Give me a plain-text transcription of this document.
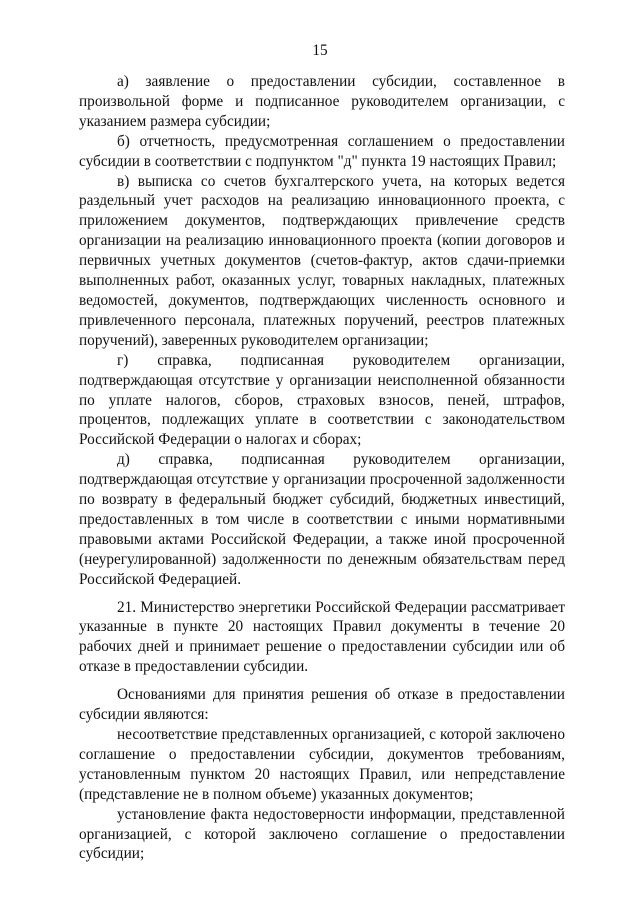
15

а) заявление о предоставлении субсидии, составленное в произвольной форме и подписанное руководителем организации, с указанием размера субсидии;

б) отчетность, предусмотренная соглашением о предоставлении субсидии в соответствии с подпунктом "д" пункта 19 настоящих Правил;

в) выписка со счетов бухгалтерского учета, на которых ведется раздельный учет расходов на реализацию инновационного проекта, с приложением документов, подтверждающих привлечение средств организации на реализацию инновационного проекта (копии договоров и первичных учетных документов (счетов-фактур, актов сдачи-приемки выполненных работ, оказанных услуг, товарных накладных, платежных ведомостей, документов, подтверждающих численность основного и привлеченного персонала, платежных поручений, реестров платежных поручений), заверенных руководителем организации;

г) справка, подписанная руководителем организации, подтверждающая отсутствие у организации неисполненной обязанности по уплате налогов, сборов, страховых взносов, пеней, штрафов, процентов, подлежащих уплате в соответствии с законодательством Российской Федерации о налогах и сборах;

д) справка, подписанная руководителем организации, подтверждающая отсутствие у организации просроченной задолженности по возврату в федеральный бюджет субсидий, бюджетных инвестиций, предоставленных в том числе в соответствии с иными нормативными правовыми актами Российской Федерации, а также иной просроченной (неурегулированной) задолженности по денежным обязательствам перед Российской Федерацией.

21. Министерство энергетики Российской Федерации рассматривает указанные в пункте 20 настоящих Правил документы в течение 20 рабочих дней и принимает решение о предоставлении субсидии или об отказе в предоставлении субсидии.

Основаниями для принятия решения об отказе в предоставлении субсидии являются:

несоответствие представленных организацией, с которой заключено соглашение о предоставлении субсидии, документов требованиям, установленным пунктом 20 настоящих Правил, или непредставление (представление не в полном объеме) указанных документов;

установление факта недостоверности информации, представленной организацией, с которой заключено соглашение о предоставлении субсидии;
